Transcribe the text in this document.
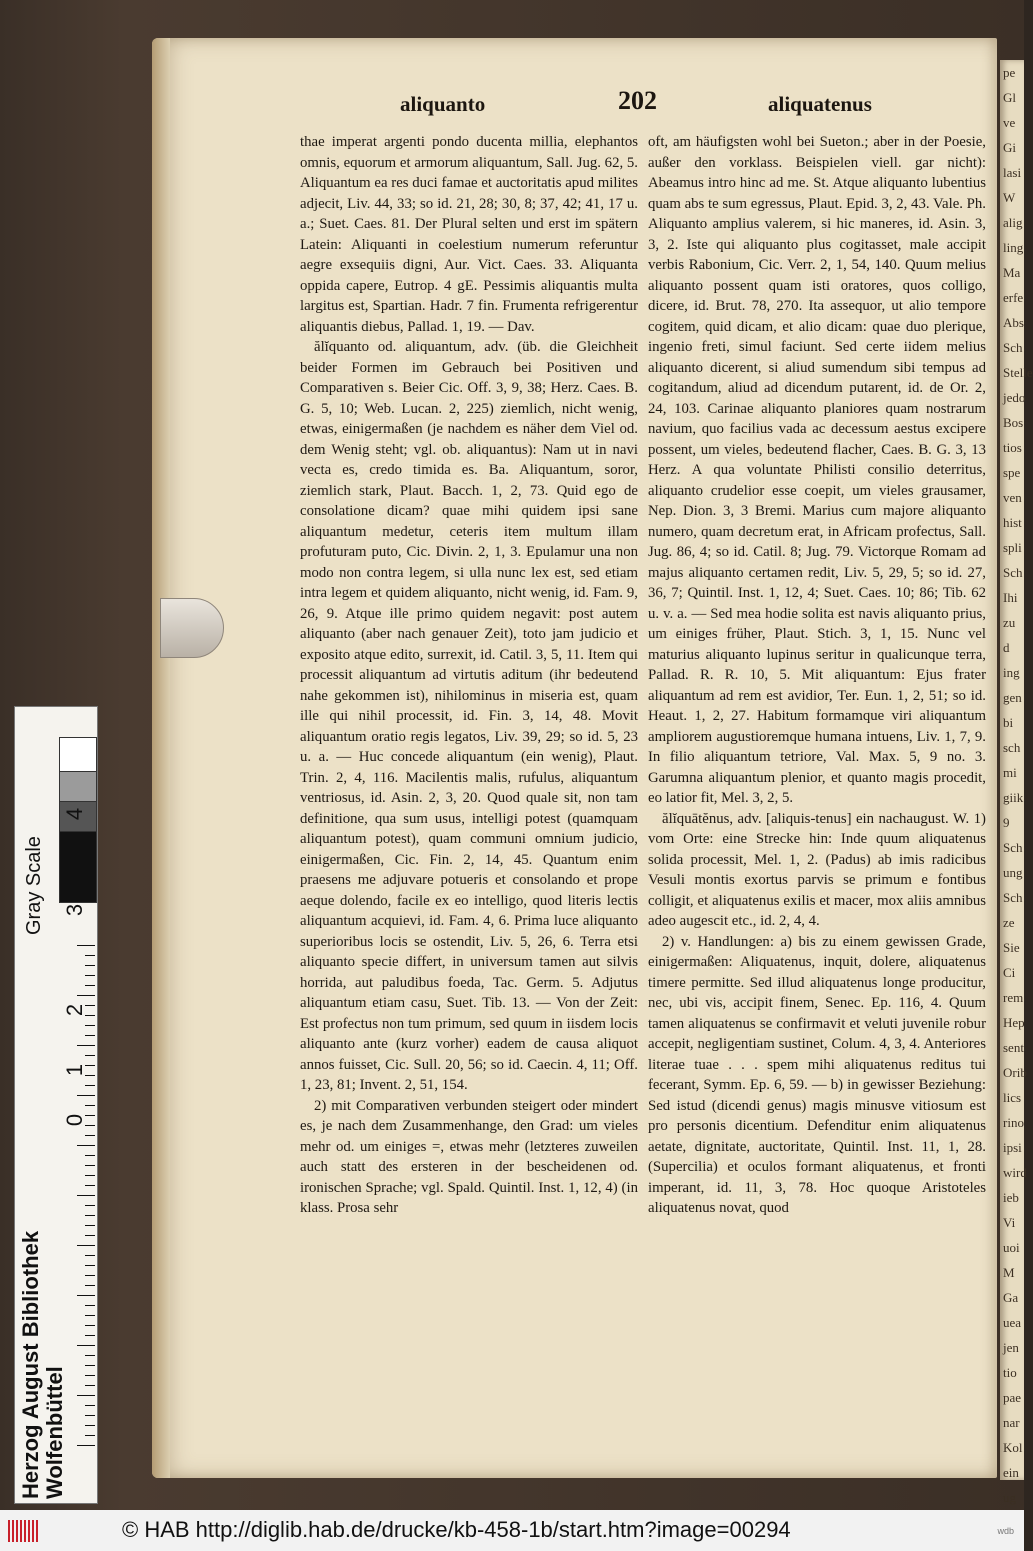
pe
Gl
ve
Gi
lasi
W
alig
ling
Ma
erfe
Abs
Sch
Stelle
jedo
Bos
tios
spe
ven
hist
spli
Sch
Ihi
zu d
ing
gen
bi
sch
mi
giik
9
Sch
ung
Sch
ze
Sie
Ci
rem
Hep
sent
Orib
lics
rino
ipsi
wird
ieb
Vi
uoi
M
Ga
uea
jen
tio
pae
nar
Kol
ein
ug
aliquanto	202	aliquatenus

thae imperat argenti pondo ducenta millia, elephantos omnis, equorum et armorum aliquantum, Sall. Jug. 62, 5. Aliquantum ea res duci famae et auctoritatis apud milites adjecit, Liv. 44, 33; so id. 21, 28; 30, 8; 37, 42; 41, 17 u. a.; Suet. Caes. 81. Der Plural selten und erst im spätern Latein: Aliquanti in coelestium numerum referuntur aegre exsequiis digni, Aur. Vict. Caes. 33. Aliquanta oppida capere, Eutrop. 4 gE. Pessimis aliquantis multa largitus est, Spartian. Hadr. 7 fin. Frumenta refrigerentur aliquantis diebus, Pallad. 1, 19. — Dav.

ălĭquanto od. aliquantum, adv. (üb. die Gleichheit beider Formen im Gebrauch bei Positiven und Comparativen s. Beier Cic. Off. 3, 9, 38; Herz. Caes. B. G. 5, 10; Web. Lucan. 2, 225) ziemlich, nicht wenig, etwas, einigermaßen (je nachdem es näher dem Viel od. dem Wenig steht; vgl. ob. aliquantus): Nam ut in navi vecta es, credo timida es. Ba. Aliquantum, soror, ziemlich stark, Plaut. Bacch. 1, 2, 73. Quid ego de consolatione dicam? quae mihi quidem ipsi sane aliquantum medetur, ceteris item multum illam profuturam puto, Cic. Divin. 2, 1, 3. Epulamur una non modo non contra legem, si ulla nunc lex est, sed etiam intra legem et quidem aliquanto, nicht wenig, id. Fam. 9, 26, 9. Atque ille primo quidem negavit: post autem aliquanto (aber nach genauer Zeit), toto jam judicio et exposito atque edito, surrexit, id. Catil. 3, 5, 11. Item qui processit aliquantum ad virtutis aditum (ihr bedeutend nahe gekommen ist), nihilominus in miseria est, quam ille qui nihil processit, id. Fin. 3, 14, 48. Movit aliquantum oratio regis legatos, Liv. 39, 29; so id. 5, 23 u. a. — Huc concede aliquantum (ein wenig), Plaut. Trin. 2, 4, 116. Macilentis malis, rufulus, aliquantum ventriosus, id. Asin. 2, 3, 20. Quod quale sit, non tam definitione, qua sum usus, intelligi potest (quamquam aliquantum potest), quam communi omnium judicio, einigermaßen, Cic. Fin. 2, 14, 45. Quantum enim praesens me adjuvare potueris et consolando et prope aeque dolendo, facile ex eo intelligo, quod literis lectis aliquantum acquievi, id. Fam. 4, 6. Prima luce aliquanto superioribus locis se ostendit, Liv. 5, 26, 6. Terra etsi aliquanto specie differt, in universum tamen aut silvis horrida, aut paludibus foeda, Tac. Germ. 5. Adjutus aliquantum etiam casu, Suet. Tib. 13. — Von der Zeit: Est profectus non tum primum, sed quum in iisdem locis aliquanto ante (kurz vorher) eadem de causa aliquot annos fuisset, Cic. Sull. 20, 56; so id. Caecin. 4, 11; Off. 1, 23, 81; Invent. 2, 51, 154.

2) mit Comparativen verbunden steigert oder mindert es, je nach dem Zusammenhange, den Grad: um vieles mehr od. um einiges =, etwas mehr (letzteres zuweilen auch statt des ersteren in der bescheidenen od. ironischen Sprache; vgl. Spald. Quintil. Inst. 1, 12, 4) (in klass. Prosa sehr

oft, am häufigsten wohl bei Sueton.; aber in der Poesie, außer den vorklass. Beispielen viell. gar nicht): Abeamus intro hinc ad me. St. Atque aliquanto lubentius quam abs te sum egressus, Plaut. Epid. 3, 2, 43. Vale. Ph. Aliquanto amplius valerem, si hic maneres, id. Asin. 3, 3, 2. Iste qui aliquanto plus cogitasset, male accipit verbis Rabonium, Cic. Verr. 2, 1, 54, 140. Quum melius aliquanto possent quam isti oratores, quos colligo, dicere, id. Brut. 78, 270. Ita assequor, ut alio tempore cogitem, quid dicam, et alio dicam: quae duo plerique, ingenio freti, simul faciunt. Sed certe iidem melius aliquanto dicerent, si aliud sumendum sibi tempus ad cogitandum, aliud ad dicendum putarent, id. de Or. 2, 24, 103. Carinae aliquanto planiores quam nostrarum navium, quo facilius vada ac decessum aestus excipere possent, um vieles, bedeutend flacher, Caes. B. G. 3, 13 Herz. A qua voluntate Philisti consilio deterritus, aliquanto crudelior esse coepit, um vieles grausamer, Nep. Dion. 3, 3 Bremi. Marius cum majore aliquanto numero, quam decretum erat, in Africam profectus, Sall. Jug. 86, 4; so id. Catil. 8; Jug. 79. Victorque Romam ad majus aliquanto certamen redit, Liv. 5, 29, 5; so id. 27, 36, 7; Quintil. Inst. 1, 12, 4; Suet. Caes. 10; 86; Tib. 62 u. v. a. — Sed mea hodie solita est navis aliquanto prius, um einiges früher, Plaut. Stich. 3, 1, 15. Nunc vel maturius aliquanto lupinus seritur in qualicunque terra, Pallad. R. R. 10, 5. Mit aliquantum: Ejus frater aliquantum ad rem est avidior, Ter. Eun. 1, 2, 51; so id. Heaut. 1, 2, 27. Habitum formamque viri aliquantum ampliorem augustioremque humana intuens, Liv. 1, 7, 9. In filio aliquantum tetriore, Val. Max. 5, 9 no. 3. Garumna aliquantum plenior, et quanto magis procedit, eo latior fit, Mel. 3, 2, 5.

ălĭquātĕnus, adv. [aliquis-tenus] ein nachaugust. W. 1) vom Orte: eine Strecke hin: Inde quum aliquatenus solida processit, Mel. 1, 2. (Padus) ab imis radicibus Vesuli montis exortus parvis se primum e fontibus colligit, et aliquatenus exilis et macer, mox aliis amnibus adeo augescit etc., id. 2, 4, 4.

2) v. Handlungen: a) bis zu einem gewissen Grade, einigermaßen: Aliquatenus, inquit, dolere, aliquatenus timere permitte. Sed illud aliquatenus longe producitur, nec, ubi vis, accipit finem, Senec. Ep. 116, 4. Quum tamen aliquatenus se confirmavit et veluti juvenile robur accepit, negligentiam sustinet, Colum. 4, 3, 4. Anteriores literae tuae . . . spem mihi aliquatenus reditus tui fecerant, Symm. Ep. 6, 59. — b) in gewisser Beziehung: Sed istud (dicendi genus) magis minusve vitiosum est pro personis dicentium. Defenditur enim aliquatenus aetate, dignitate, auctoritate, Quintil. Inst. 11, 1, 28. (Supercilia) et oculos formant aliquatenus, et fronti imperant, id. 11, 3, 78. Hoc quoque Aristoteles aliquatenus novat, quod

Gray Scale
4
3
2
1
0
Herzog August Bibliothek
Wolfenbüttel
© HAB http://diglib.hab.de/drucke/kb-458-1b/start.htm?image=00294	wdb
